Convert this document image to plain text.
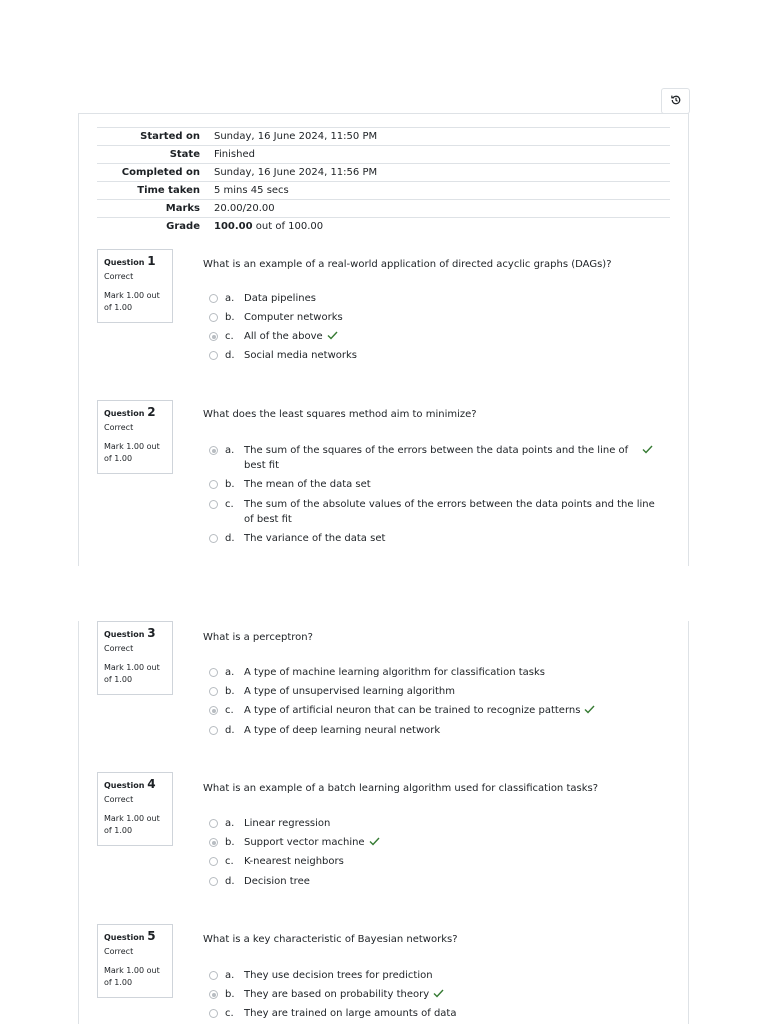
Started on	Sunday, 16 June 2024, 11:50 PM
State	Finished
Completed on	Sunday, 16 June 2024, 11:56 PM
Time taken	5 mins 45 secs
Marks	20.00/20.00
Grade	100.00 out of 100.00
Question 1
Correct
Mark 1.00 out of 1.00
What is an example of a real-world application of directed acyclic graphs (DAGs)?
a. Data pipelines
b. Computer networks
c.	All of the above
d. Social media networks
Question 2
Correct
Mark 1.00 out of 1.00
What does the least squares method aim to minimize?
a. The sum of the squares of the errors between the data points and the line of best fit
b. The mean of the data set
c.	The sum of the absolute values of the errors between the data points and the line of best fit
d. The variance of the data set
Question 3
Correct
Mark 1.00 out of 1.00
What is a perceptron?
a. A type of machine learning algorithm for classification tasks
b. A type of unsupervised learning algorithm
c.	A type of artificial neuron that can be trained to recognize patterns
d. A type of deep learning neural network
Question 4
Correct
Mark 1.00 out of 1.00
What is an example of a batch learning algorithm used for classification tasks?
a. Linear regression
b. Support vector machine
c.	K-nearest neighbors
d. Decision tree
Question 5
Correct
Mark 1.00 out of 1.00
What is a key characteristic of Bayesian networks?
a. They use decision trees for prediction
b. They are based on probability theory
c.	They are trained on large amounts of data
